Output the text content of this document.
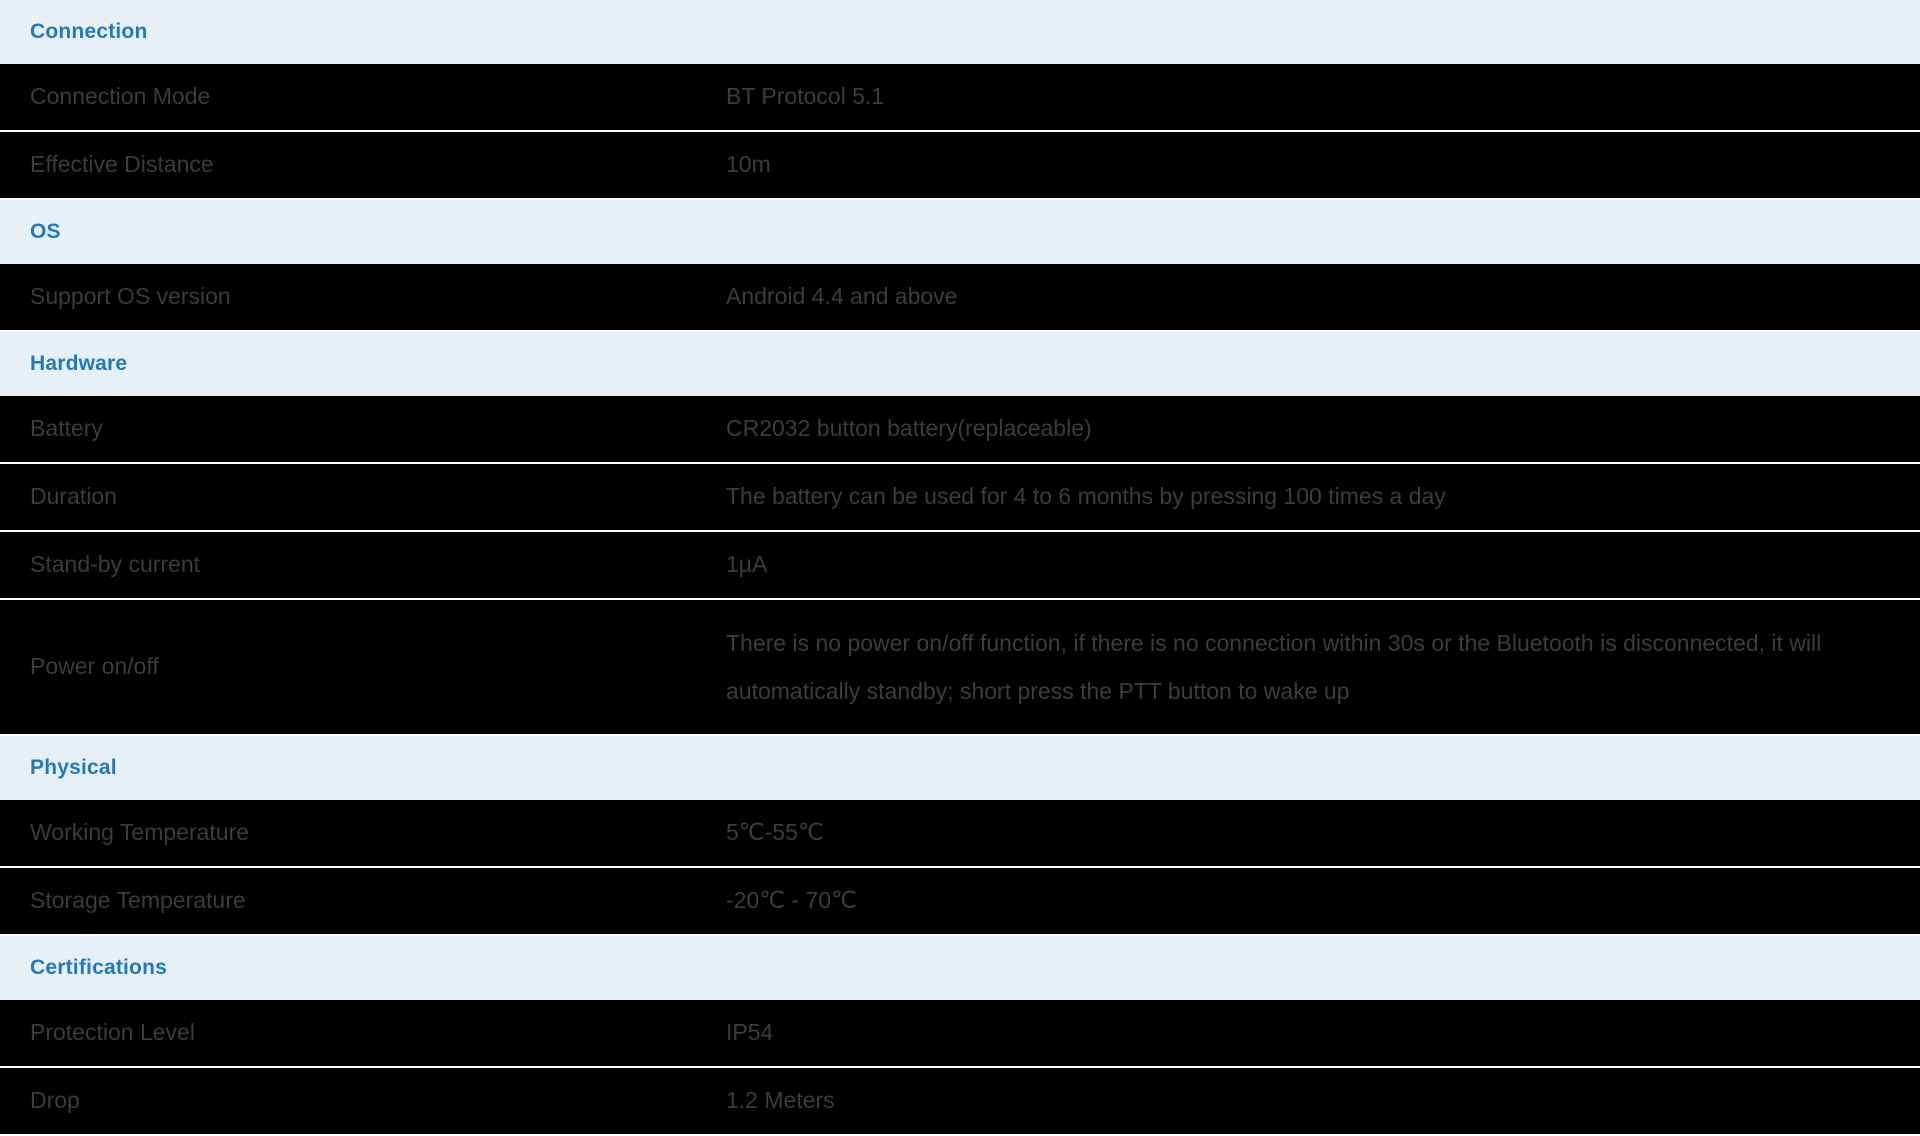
Connection	
Connection Mode	BT Protocol 5.1
Effective Distance	10m
OS	
Support OS version	Android 4.4 and above
Hardware	
Battery	CR2032 button battery(replaceable)
Duration	The battery can be used for 4 to 6 months by pressing 100 times a day
Stand-by current	1µA
Power on/off	There is no power on/off function, if there is no connection within 30s or the Bluetooth is disconnected, it will automatically standby; short press the PTT button to wake up
Physical	
Working Temperature	5℃-55℃
Storage Temperature	-20℃ - 70℃
Certifications	
Protection Level	IP54
Drop	1.2 Meters
